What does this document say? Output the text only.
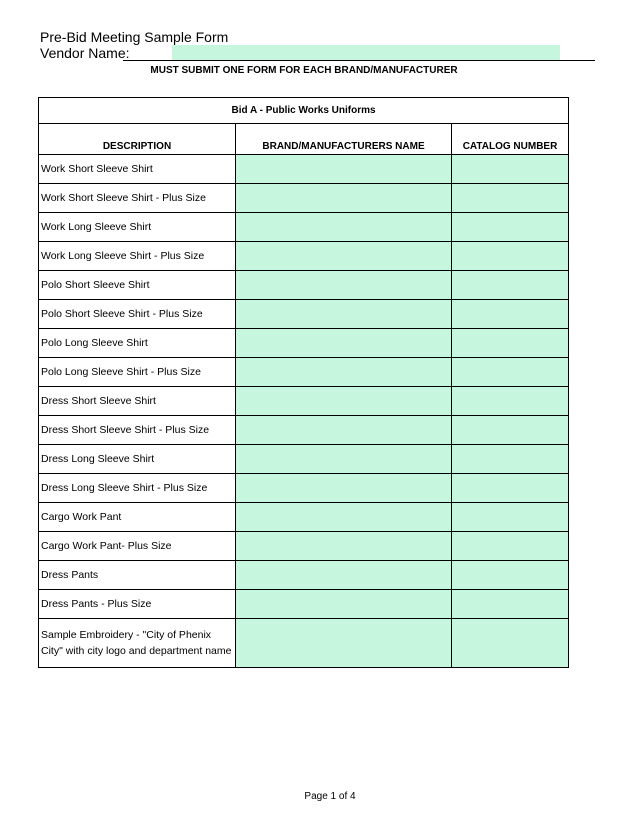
Pre-Bid Meeting Sample Form
Vendor Name:
MUST SUBMIT ONE FORM FOR EACH BRAND/MANUFACTURER
Bid A - Public Works Uniforms		
DESCRIPTION	BRAND/MANUFACTURERS NAME	CATALOG NUMBER
Work Short Sleeve Shirt		
Work Short Sleeve Shirt - Plus Size		
Work Long Sleeve Shirt		
Work Long Sleeve Shirt - Plus Size		
Polo Short Sleeve Shirt		
Polo Short Sleeve Shirt - Plus Size		
Polo Long Sleeve Shirt		
Polo Long Sleeve Shirt - Plus Size		
Dress Short Sleeve Shirt		
Dress Short Sleeve Shirt - Plus Size		
Dress Long Sleeve Shirt		
Dress Long Sleeve Shirt - Plus Size		
Cargo Work Pant		
Cargo Work Pant- Plus Size		
Dress Pants		
Dress Pants - Plus Size		
Sample Embroidery - "City of Phenix City" with city logo and department name		
Page 1 of 4
